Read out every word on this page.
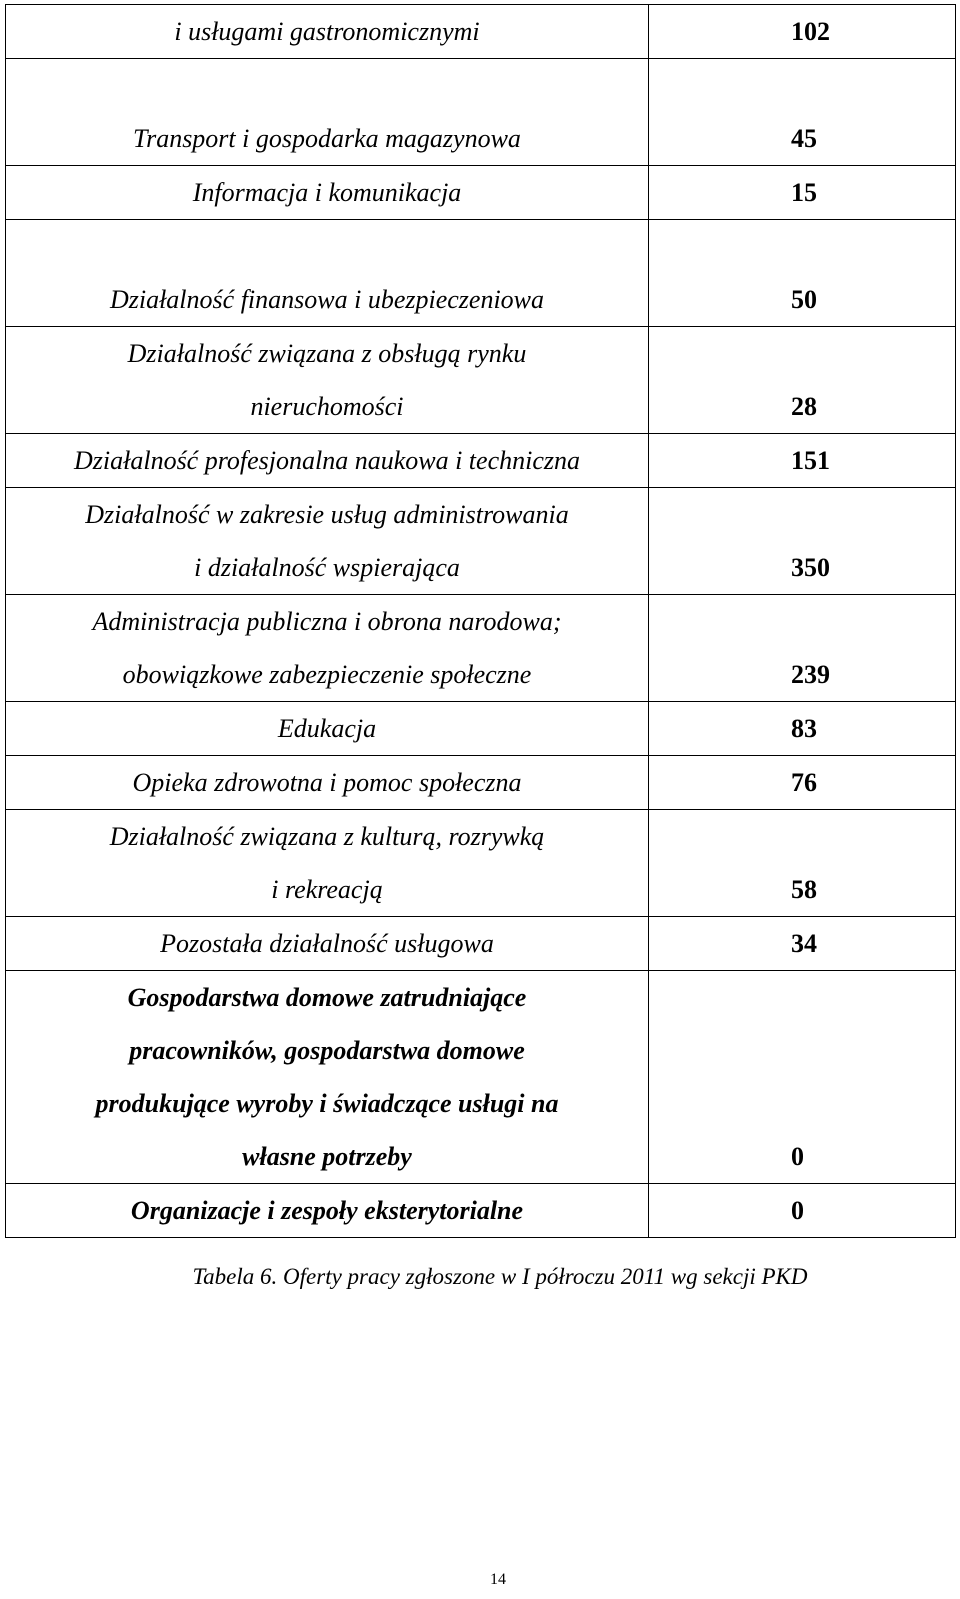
i usługami gastronomicznymi	102

Transport i gospodarka magazynowa	45

Informacja i komunikacja	15

Działalność finansowa i ubezpieczeniowa	50

Działalność związana z obsługą rynku
nieruchomości	28

Działalność profesjonalna naukowa i techniczna	151

Działalność w zakresie usług administrowania
i działalność wspierająca	350

Administracja publiczna i obrona narodowa;
obowiązkowe zabezpieczenie społeczne	239

Edukacja	83

Opieka zdrowotna i pomoc społeczna	76

Działalność związana z kulturą, rozrywką
i rekreacją	58

Pozostała działalność usługowa	34

Gospodarstwa domowe zatrudniające
pracowników, gospodarstwa domowe
produkujące wyroby i świadczące usługi na
własne potrzeby	0

Organizacje i zespoły eksterytorialne	0
Tabela 6. Oferty pracy zgłoszone w I półroczu 2011 wg sekcji PKD
14
